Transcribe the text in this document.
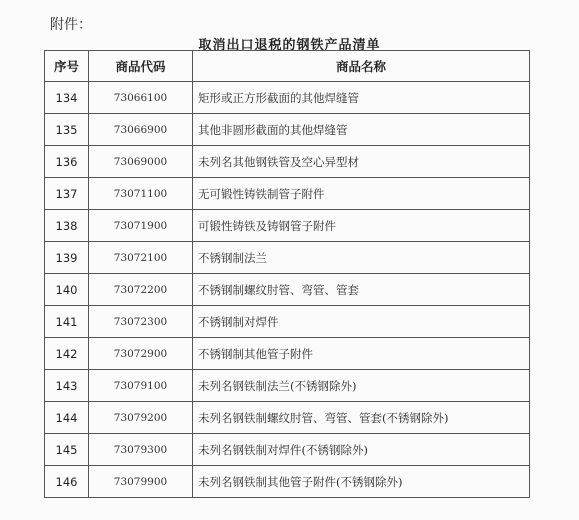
附件：
取消出口退税的钢铁产品清单
序号	商品代码	商品名称
134	73066100	矩形或正方形截面的其他焊缝管
135	73066900	其他非圆形截面的其他焊缝管
136	73069000	未列名其他钢铁管及空心异型材
137	73071100	无可锻性铸铁制管子附件
138	73071900	可锻性铸铁及铸钢管子附件
139	73072100	不锈钢制法兰
140	73072200	不锈钢制螺纹肘管、弯管、管套
141	73072300	不锈钢制对焊件
142	73072900	不锈钢制其他管子附件
143	73079100	未列名钢铁制法兰(不锈钢除外)
144	73079200	未列名钢铁制螺纹肘管、弯管、管套(不锈钢除外)
145	73079300	未列名钢铁制对焊件(不锈钢除外)
146	73079900	未列名钢铁制其他管子附件(不锈钢除外)
